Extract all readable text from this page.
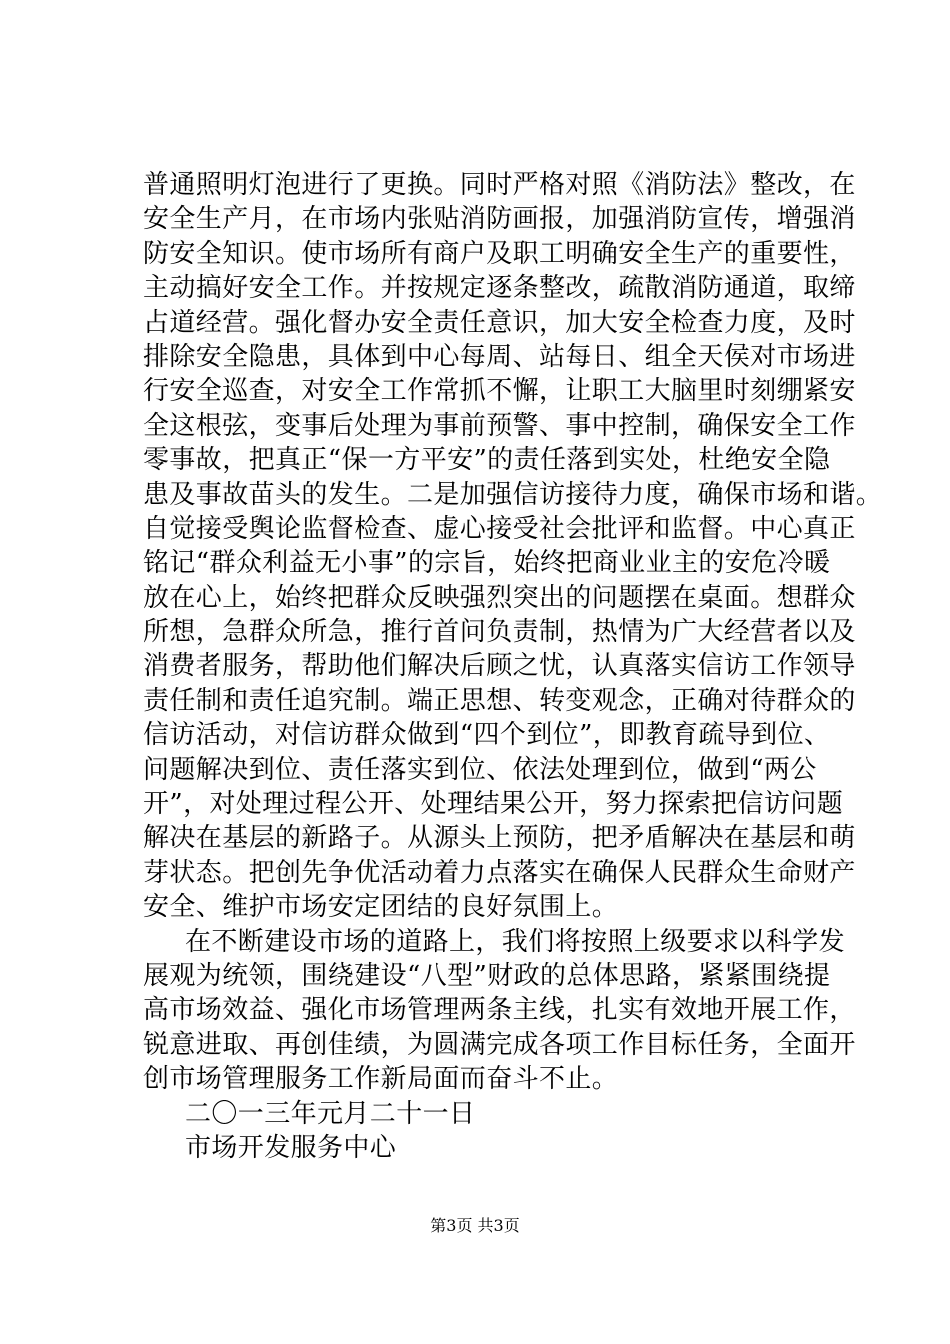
普通照明灯泡进行了更换。同时严格对照《消防法》整改，在
安全生产月，在市场内张贴消防画报，加强消防宣传，增强消
防安全知识。使市场所有商户及职工明确安全生产的重要性，
主动搞好安全工作。并按规定逐条整改，疏散消防通道，取缔
占道经营。强化督办安全责任意识，加大安全检查力度，及时
排除安全隐患，具体到中心每周、站每日、组全天侯对市场进
行安全巡查，对安全工作常抓不懈，让职工大脑里时刻绷紧安
全这根弦，变事后处理为事前预警、事中控制，确保安全工作
零事故，把真正“保一方平安”的责任落到实处，杜绝安全隐
患及事故苗头的发生。二是加强信访接待力度，确保市场和谐。
自觉接受舆论监督检查、虚心接受社会批评和监督。中心真正
铭记“群众利益无小事”的宗旨，始终把商业业主的安危冷暖
放在心上，始终把群众反映强烈突出的问题摆在桌面。想群众
所想，急群众所急，推行首问负责制，热情为广大经营者以及
消费者服务，帮助他们解决后顾之忧，认真落实信访工作领导
责任制和责任追究制。端正思想、转变观念，正确对待群众的
信访活动，对信访群众做到“四个到位”，即教育疏导到位、
问题解决到位、责任落实到位、依法处理到位，做到“两公
开”，对处理过程公开、处理结果公开，努力探索把信访问题
解决在基层的新路子。从源头上预防，把矛盾解决在基层和萌
芽状态。把创先争优活动着力点落实在确保人民群众生命财产
安全、维护市场安定团结的良好氛围上。
在不断建设市场的道路上，我们将按照上级要求以科学发
展观为统领，围绕建设“八型”财政的总体思路，紧紧围绕提
高市场效益、强化市场管理两条主线，扎实有效地开展工作，
锐意进取、再创佳绩，为圆满完成各项工作目标任务，全面开
创市场管理服务工作新局面而奋斗不止。
二〇一三年元月二十一日
市场开发服务中心
第3页 共3页
